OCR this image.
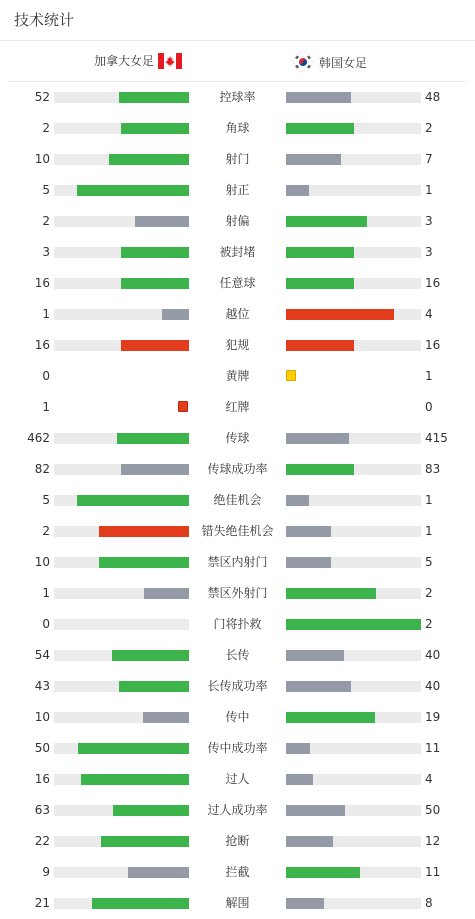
技术统计
加拿大女足	韩国女足
52	控球率	48
2	角球	2
10	射门	7
5	射正	1
2	射偏	3
3	被封堵	3
16	任意球	16
1	越位	4
16	犯规	16
0	黄牌	1
1	红牌	0
462	传球	415
82	传球成功率	83
5	绝佳机会	1
2	错失绝佳机会	1
10	禁区内射门	5
1	禁区外射门	2
0	门将扑救	2
54	长传	40
43	长传成功率	40
10	传中	19
50	传中成功率	11
16	过人	4
63	过人成功率	50
22	抢断	12
9	拦截	11
21	解围	8
